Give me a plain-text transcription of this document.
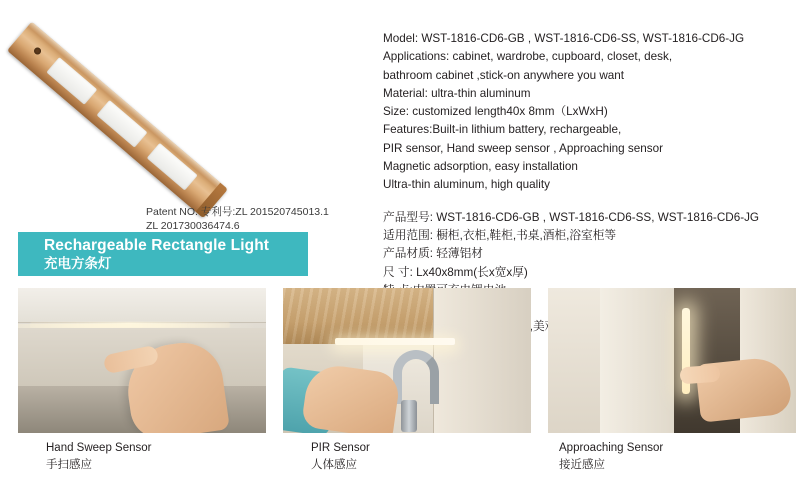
Patent NO. 专利号:ZL 201520745013.1
ZL 201730036474.6
Rechargeable Rectangle Light
充电方条灯
Model: WST-1816-CD6-GB , WST-1816-CD6-SS, WST-1816-CD6-JG
Applications: cabinet, wardrobe, cupboard, closet, desk,
bathroom cabinet ,stick-on anywhere you want
Material: ultra-thin aluminum
Size: customized length40x 8mm（LxWxH)
Features:Built-in lithium battery, rechargeable,
PIR sensor, Hand sweep sensor , Approaching sensor
Magnetic adsorption, easy installation
Ultra-thin aluminum, high quality
产品型号: WST-1816-CD6-GB , WST-1816-CD6-SS, WST-1816-CD6-JG
适用范围: 橱柜,衣柜,鞋柜,书桌,酒柜,浴室柜等
产品材质: 轻薄铝材
尺 寸: Lx40x8mm(长x宽x厚)
Hand Sweep Sensor
手扫感应
PIR Sensor
人体感应
Approaching Sensor
接近感应
